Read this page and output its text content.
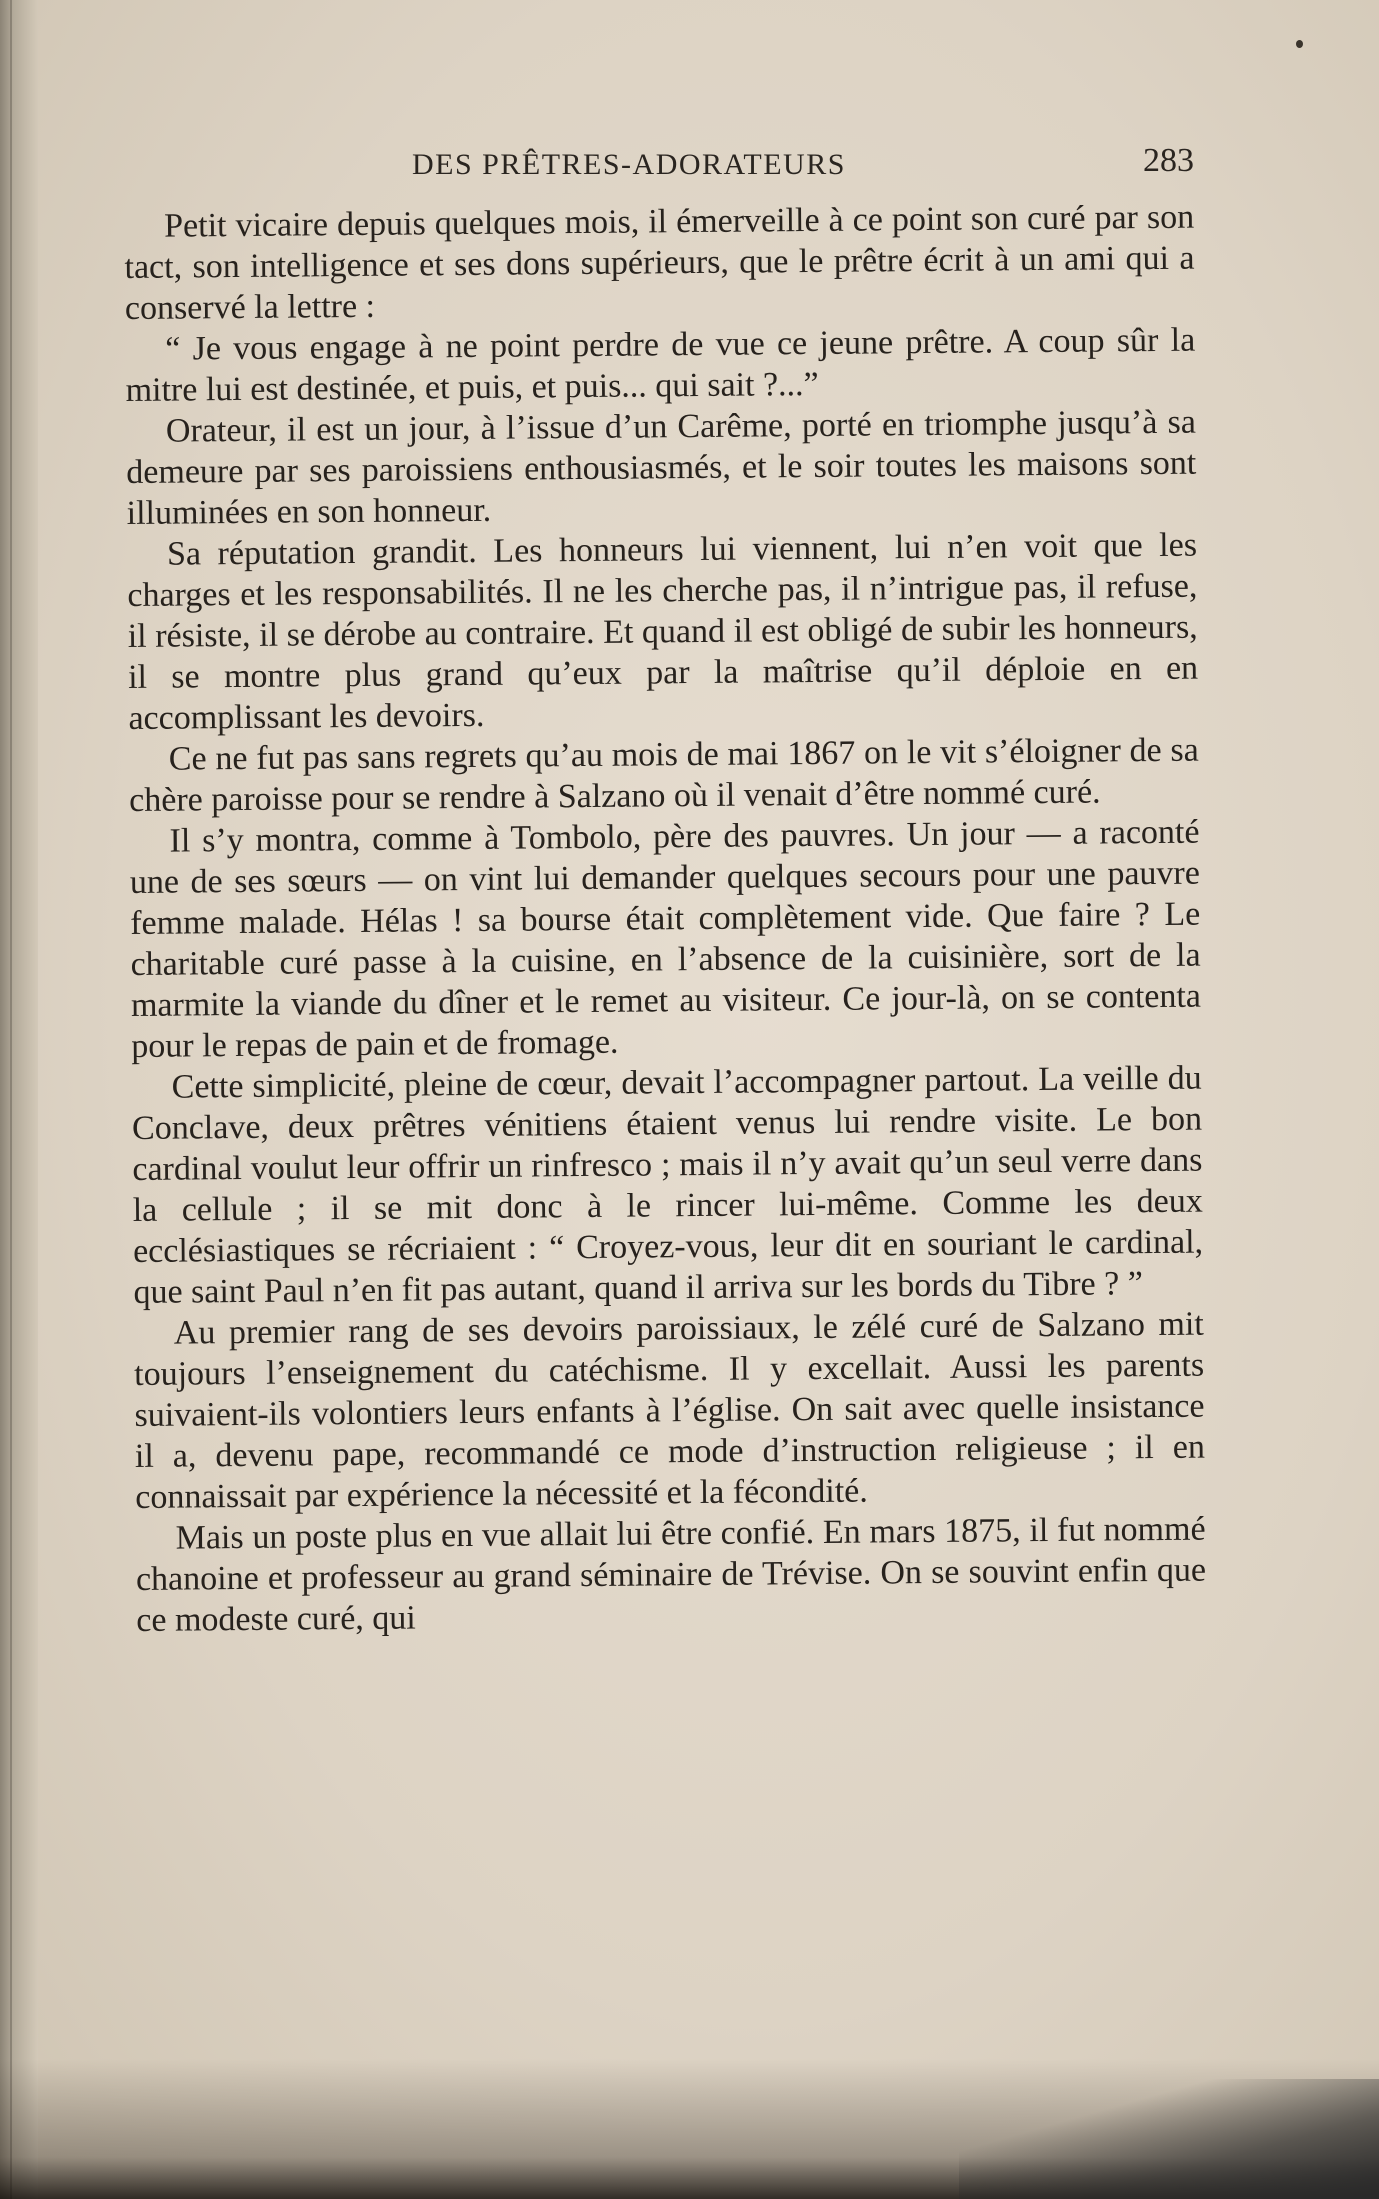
DES PRÊTRES-ADORATEURS	283

Petit vicaire depuis quelques mois, il émerveille à ce point son curé par son tact, son intelligence et ses dons supérieurs, que le prêtre écrit à un ami qui a conservé la lettre :

“ Je vous engage à ne point perdre de vue ce jeune prêtre. A coup sûr la mitre lui est destinée, et puis, et puis... qui sait ?...”

Orateur, il est un jour, à l’issue d’un Carême, porté en triomphe jusqu’à sa demeure par ses paroissiens enthousiasmés, et le soir toutes les maisons sont illuminées en son honneur.

Sa réputation grandit. Les honneurs lui viennent, lui n’en voit que les charges et les responsabilités. Il ne les cherche pas, il n’intrigue pas, il refuse, il résiste, il se dérobe au contraire. Et quand il est obligé de subir les honneurs, il se montre plus grand qu’eux par la maîtrise qu’il déploie en en accomplissant les devoirs.

Ce ne fut pas sans regrets qu’au mois de mai 1867 on le vit s’éloigner de sa chère paroisse pour se rendre à Salzano où il venait d’être nommé curé.

Il s’y montra, comme à Tombolo, père des pauvres. Un jour — a raconté une de ses sœurs — on vint lui demander quelques secours pour une pauvre femme malade. Hélas ! sa bourse était complètement vide. Que faire ? Le charitable curé passe à la cuisine, en l’absence de la cuisinière, sort de la marmite la viande du dîner et le remet au visiteur. Ce jour-là, on se contenta pour le repas de pain et de fromage.

Cette simplicité, pleine de cœur, devait l’accompagner partout. La veille du Conclave, deux prêtres vénitiens étaient venus lui rendre visite. Le bon cardinal voulut leur offrir un rinfresco ; mais il n’y avait qu’un seul verre dans la cellule ; il se mit donc à le rincer lui-même. Comme les deux ecclésiastiques se récriaient : “ Croyez-vous, leur dit en souriant le cardinal, que saint Paul n’en fit pas autant, quand il arriva sur les bords du Tibre ? ”

Au premier rang de ses devoirs paroissiaux, le zélé curé de Salzano mit toujours l’enseignement du catéchisme. Il y excellait. Aussi les parents suivaient-ils volontiers leurs enfants à l’église. On sait avec quelle insistance il a, devenu pape, recommandé ce mode d’instruction religieuse ; il en connaissait par expérience la nécessité et la fécondité.

Mais un poste plus en vue allait lui être confié. En mars 1875, il fut nommé chanoine et professeur au grand séminaire de Trévise. On se souvint enfin que ce modeste curé, qui
